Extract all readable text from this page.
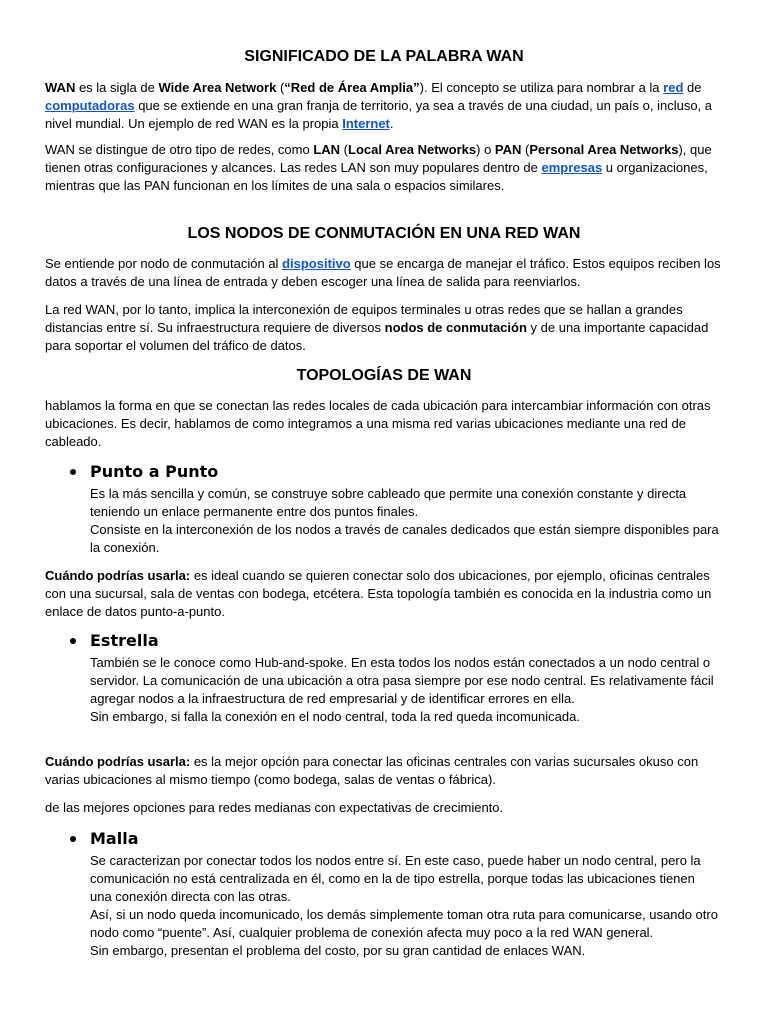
SIGNIFICADO DE LA PALABRA WAN

WAN es la sigla de Wide Area Network (“Red de Área Amplia”). El concepto se utiliza para nombrar a la red de computadoras que se extiende en una gran franja de territorio, ya sea a través de una ciudad, un país o, incluso, a nivel mundial. Un ejemplo de red WAN es la propia Internet.

WAN se distingue de otro tipo de redes, como LAN (Local Area Networks) o PAN (Personal Area Networks), que tienen otras configuraciones y alcances. Las redes LAN son muy populares dentro de empresas u organizaciones, mientras que las PAN funcionan en los límites de una sala o espacios similares.

LOS NODOS DE CONMUTACIÓN EN UNA RED WAN

Se entiende por nodo de conmutación al dispositivo que se encarga de manejar el tráfico. Estos equipos reciben los datos a través de una línea de entrada y deben escoger una línea de salida para reenviarlos.

La red WAN, por lo tanto, implica la interconexión de equipos terminales u otras redes que se hallan a grandes distancias entre sí. Su infraestructura requiere de diversos nodos de conmutación y de una importante capacidad para soportar el volumen del tráfico de datos.

TOPOLOGÍAS DE WAN

hablamos la forma en que se conectan las redes locales de cada ubicación para intercambiar información con otras ubicaciones. Es decir, hablamos de como integramos a una misma red varias ubicaciones mediante una red de cableado.

Punto a Punto

Es la más sencilla y común, se construye sobre cableado que permite una conexión constante y directa teniendo un enlace permanente entre dos puntos finales.
Consiste en la interconexión de los nodos a través de canales dedicados que están siempre disponibles para la conexión.

Cuándo podrías usarla: es ideal cuando se quieren conectar solo dos ubicaciones, por ejemplo, oficinas centrales con una sucursal, sala de ventas con bodega, etcétera. Esta topología también es conocida en la industria como un enlace de datos punto-a-punto.

Estrella

También se le conoce como Hub-and-spoke. En esta todos los nodos están conectados a un nodo central o servidor. La comunicación de una ubicación a otra pasa siempre por ese nodo central. Es relativamente fácil agregar nodos a la infraestructura de red empresarial y de identificar errores en ella.
Sin embargo, si falla la conexión en el nodo central, toda la red queda incomunicada.

Cuándo podrías usarla: es la mejor opción para conectar las oficinas centrales con varias sucursales okuso con varias ubicaciones al mismo tiempo (como bodega, salas de ventas o fábrica).

de las mejores opciones para redes medianas con expectativas de crecimiento.

Malla

Se caracterizan por conectar todos los nodos entre sí. En este caso, puede haber un nodo central, pero la comunicación no está centralizada en él, como en la de tipo estrella, porque todas las ubicaciones tienen una conexión directa con las otras.
Así, si un nodo queda incomunicado, los demás simplemente toman otra ruta para comunicarse, usando otro nodo como “puente”. Así, cualquier problema de conexión afecta muy poco a la red WAN general.
Sin embargo, presentan el problema del costo, por su gran cantidad de enlaces WAN.
